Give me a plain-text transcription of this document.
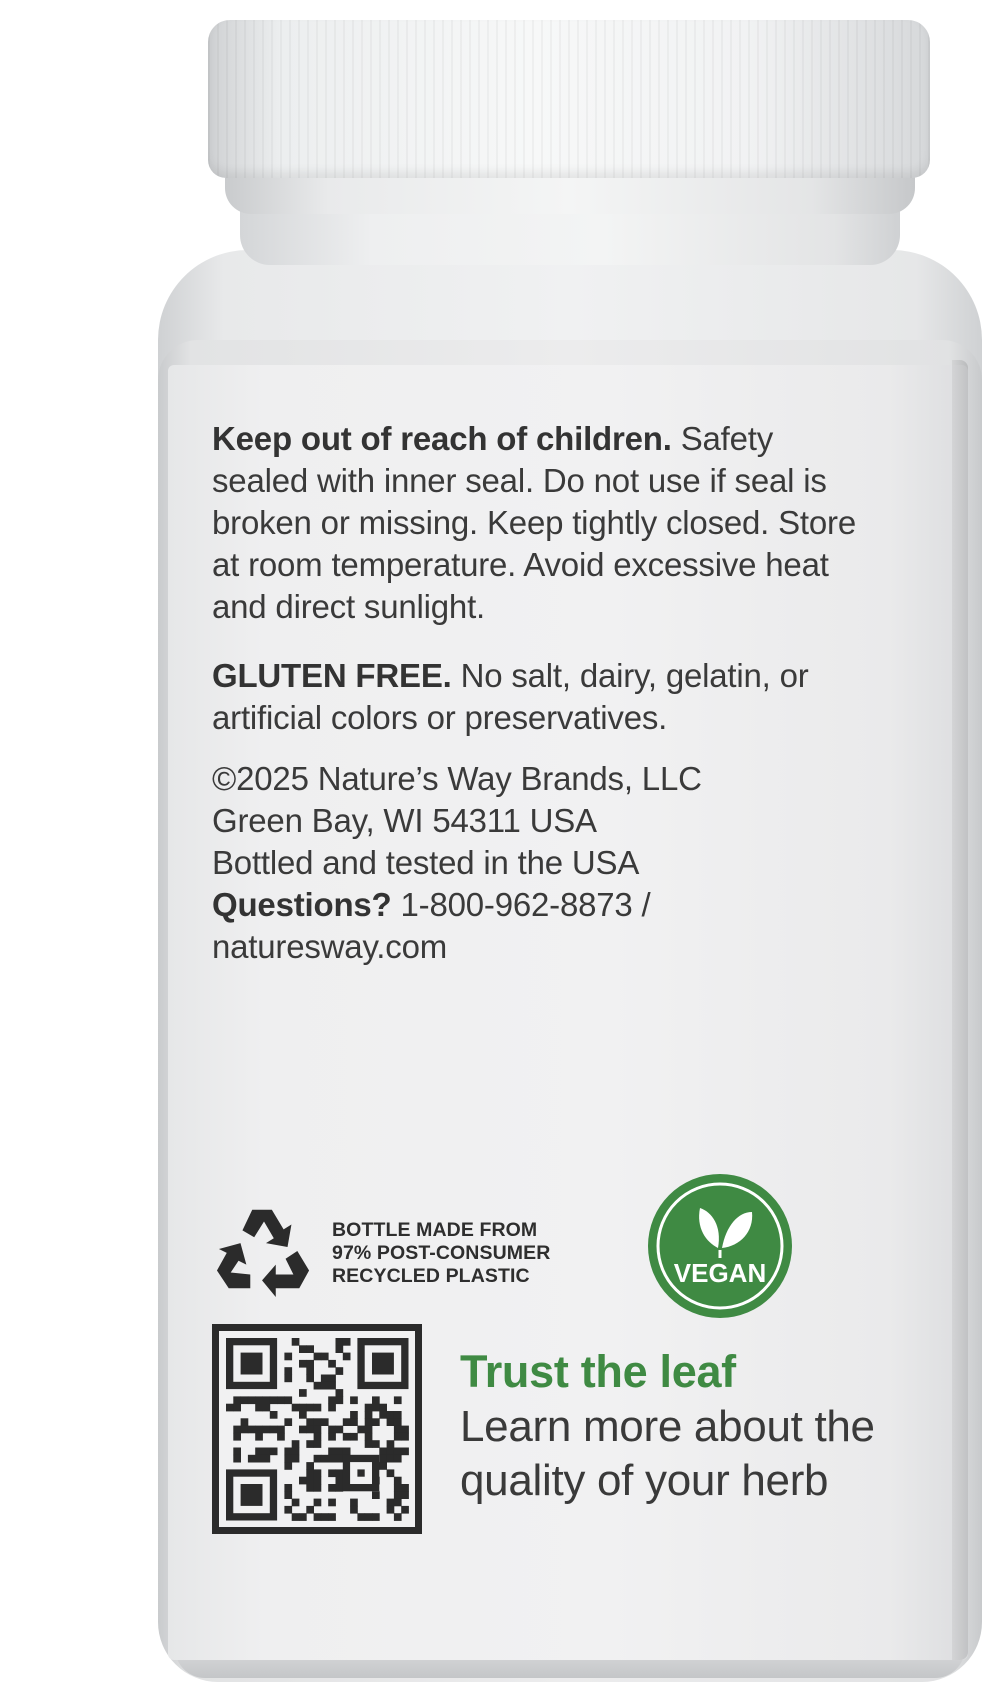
Keep out of reach of children. Safety sealed with inner seal. Do not use if seal is broken or missing. Keep tightly closed. Store at room temperature. Avoid excessive heat and direct sunlight.
GLUTEN FREE. No salt, dairy, gelatin, or artificial colors or preservatives.
©2025 Nature’s Way Brands, LLC
Green Bay, WI 54311 USA
Bottled and tested in the USA
Questions? 1-800-962-8873 /
naturesway.com
BOTTLE MADE FROM
97% POST-CONSUMER
RECYCLED PLASTIC	VEGAN
Trust the leaf
Learn more about the
quality of your herb
